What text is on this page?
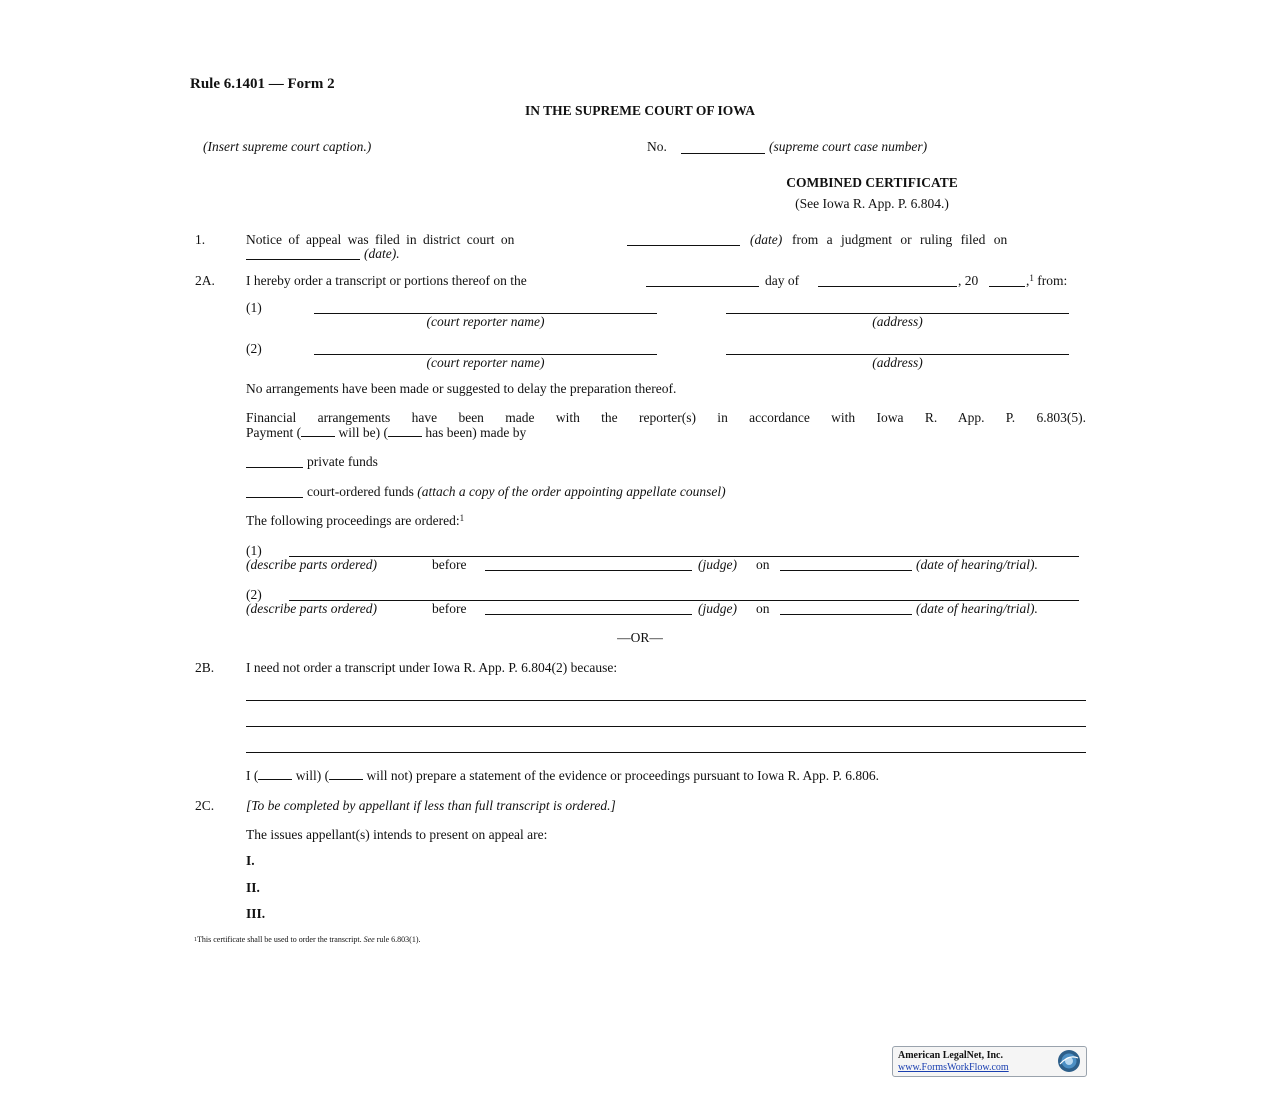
Rule 6.1401 — Form 2
IN THE SUPREME COURT OF IOWA
(Insert supreme court caption.)	No.	(supreme court case number)
COMBINED CERTIFICATE
(See Iowa R. App. P. 6.804.)
1.	Notice of appeal was filed in district court on	(date) from a judgment or ruling filed on
(date).
2A. I hereby order a transcript or portions thereof on the	day of	, 20	,$^1$ from:
(1)
(court reporter name)	(address)
(2)
(court reporter name)	(address)
No arrangements have been made or suggested to delay the preparation thereof.
Financial arrangements have been made with the reporter(s) in accordance with Iowa R. App. P. 6.803(5).
Payment (	will be) (	has been) made by
private funds
court-ordered funds (attach a copy of the order appointing appellate counsel)
The following proceedings are ordered:$^1$
(1)
(describe parts ordered)	before	(judge) on	(date of hearing/trial).
(2)
(describe parts ordered)	before	(judge) on	(date of hearing/trial).
—OR—
2B. I need not order a transcript under Iowa R. App. P. 6.804(2) because:
I (	will) (	will not) prepare a statement of the evidence or proceedings pursuant to Iowa R. App. P. 6.806.
2C. [To be completed by appellant if less than full transcript is ordered.]
The issues appellant(s) intends to present on appeal are:
I.
II.
III.
$^1$This certificate shall be used to order the transcript. See rule 6.803(1).
American LegalNet, Inc.
www.FormsWorkFlow.com
